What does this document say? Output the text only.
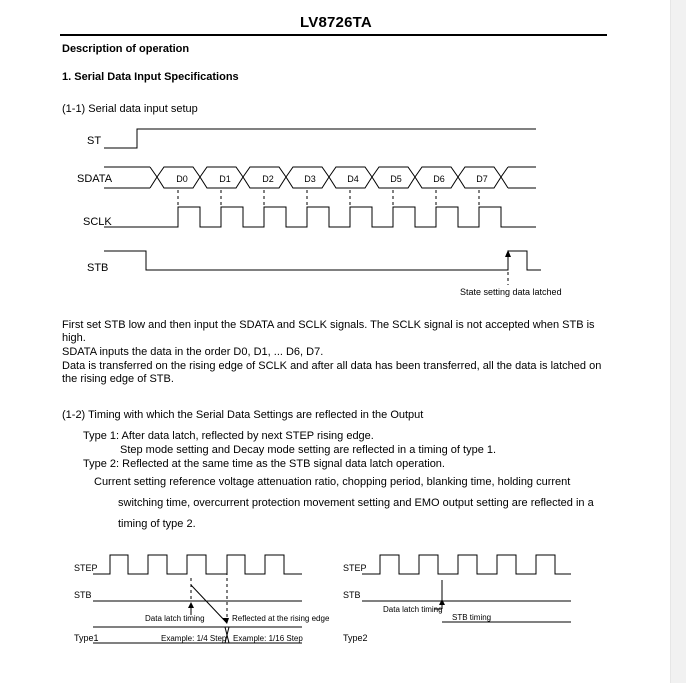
LV8726TA
Description of operation
1. Serial Data Input Specifications
(1-1) Serial data input setup
ST
SDATA
SCLK
STB
D0	D1	D2	D3	D4	D5	D6	D7
State setting data latched
First set STB low and then input the SDATA and SCLK signals. The SCLK signal is not accepted when STB is
high.
SDATA inputs the data in the order D0, D1, ... D6, D7.
Data is transferred on the rising edge of SCLK and after all data has been transferred, all the data is latched on
the rising edge of STB.
(1-2) Timing with which the Serial Data Settings are reflected in the Output
Type 1: After data latch, reflected by next STEP rising edge.
Step mode setting and Decay mode setting are reflected in a timing of type 1.
Type 2: Reflected at the same time as the STB signal data latch operation.
Current setting reference voltage attenuation ratio, chopping period, blanking time, holding current
switching time, overcurrent protection movement setting and EMO output setting are reflected in a
timing of type 2.
STEP
STB
Type1
Data latch timing	Reflected at the rising edge
Example: 1/4 Step Example: 1/16 Step
STEP
STB
Type2
Data latch timing
STB timing
